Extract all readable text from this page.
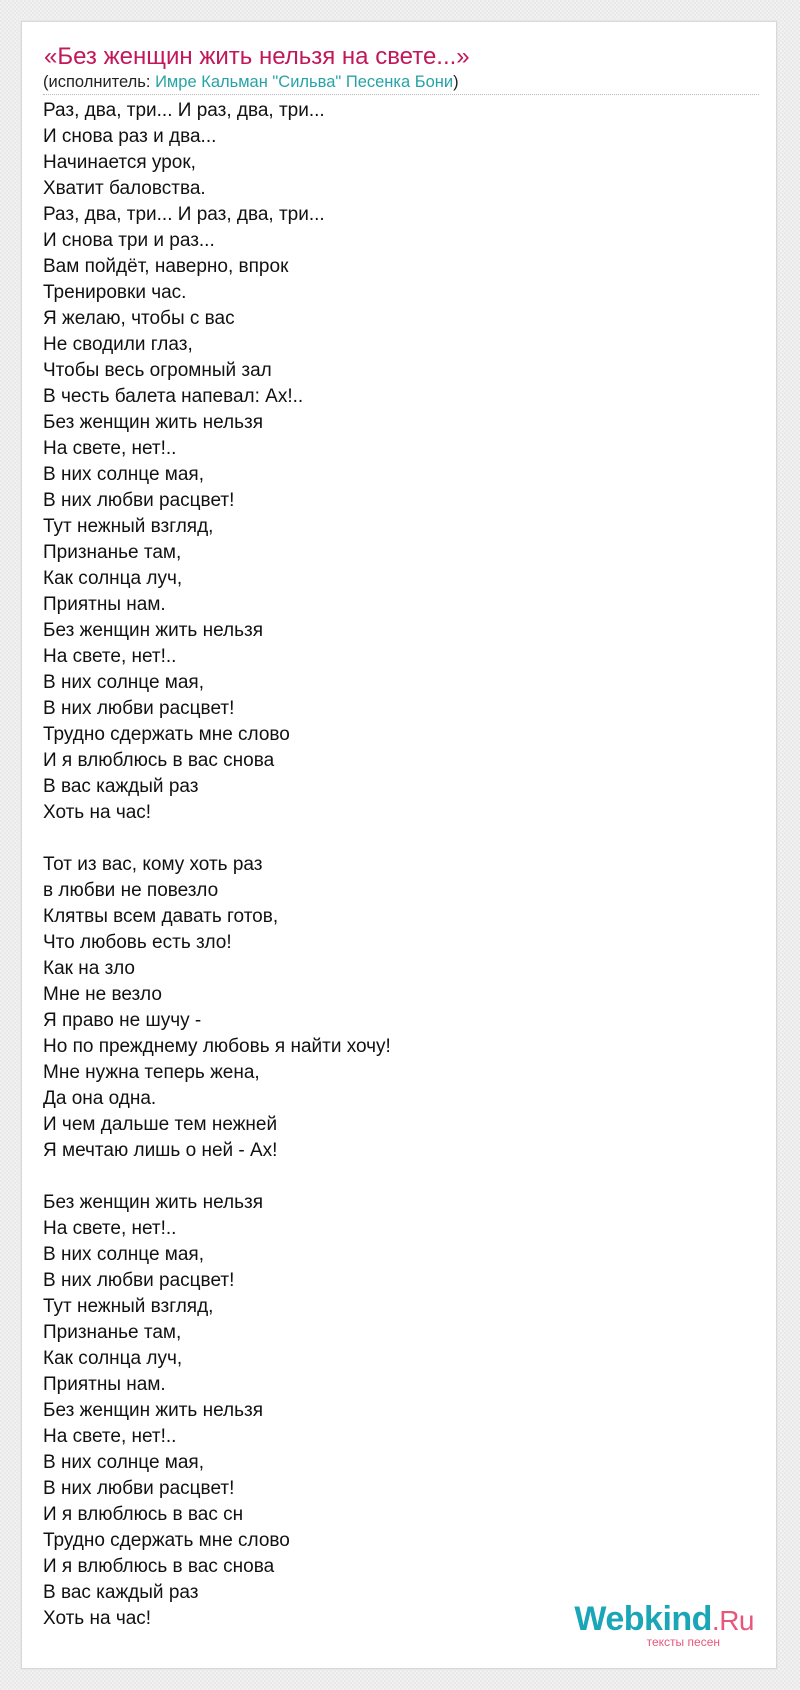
«Без женщин жить нельзя на свете...»
(исполнитель: Имре Кальман "Сильва" Песенка Бони)
Раз, два, три... И раз, два, три...
И снова раз и два...
Начинается урок,
Хватит баловства.
Раз, два, три... И раз, два, три...
И снова три и раз...
Вам пойдёт, наверно, впрок
Тренировки час.
Я желаю, чтобы с вас
Не сводили глаз,
Чтобы весь огромный зал
В честь балета напевал: Ах!..
Без женщин жить нельзя
На свете, нет!..
В них солнце мая,
В них любви расцвет!
Тут нежный взгляд,
Признанье там,
Как солнца луч,
Приятны нам.
Без женщин жить нельзя
На свете, нет!..
В них солнце мая,
В них любви расцвет!
Трудно сдержать мне слово
И я влюблюсь в вас снова
В вас каждый раз
Хоть на час!
Тот из вас, кому хоть раз
в любви не повезло
Клятвы всем давать готов,
Что любовь есть зло!
Как на зло
Мне не везло
Я право не шучу -
Но по прежднему любовь я найти хочу!
Мне нужна теперь жена,
Да она одна.
И чем дальше тем нежней
Я мечтаю лишь о ней - Ах!
Без женщин жить нельзя
На свете, нет!..
В них солнце мая,
В них любви расцвет!
Тут нежный взгляд,
Признанье там,
Как солнца луч,
Приятны нам.
Без женщин жить нельзя
На свете, нет!..
В них солнце мая,
В них любви расцвет!
И я влюблюсь в вас сн
Трудно сдержать мне слово
И я влюблюсь в вас снова
В вас каждый раз
Хоть на час!	Webkind.Ru
тексты песен
